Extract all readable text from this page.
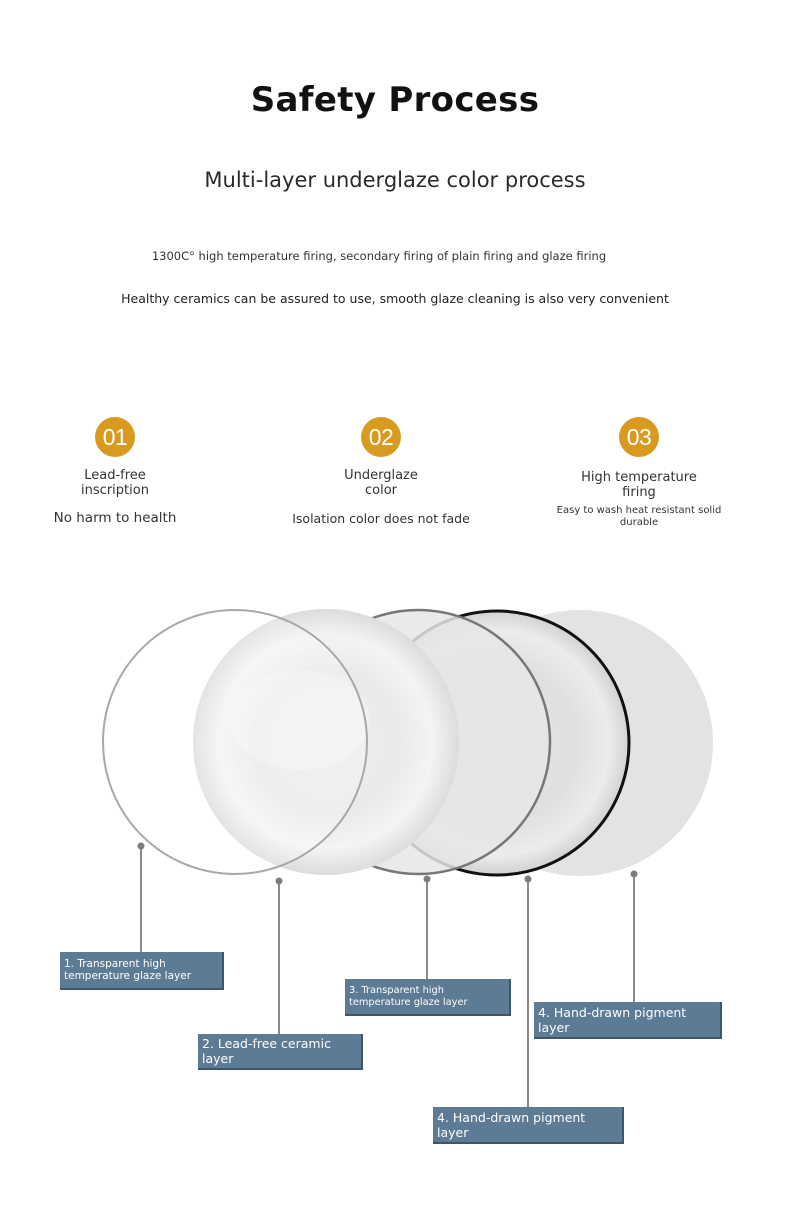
Safety Process
Multi-layer underglaze color process
1300C° high temperature firing, secondary firing of plain firing and glaze firing
Healthy ceramics can be assured to use, smooth glaze cleaning is also very convenient
01
Lead-free inscription
No harm to health
02
Underglaze color
Isolation color does not fade
03
High temperature firing
Easy to wash heat resistant solid durable
1. Transparent high temperature glaze layer
2. Lead-free ceramic layer
3. Transparent high temperature glaze layer
4. Hand-drawn pigment layer
4. Hand-drawn pigment layer
